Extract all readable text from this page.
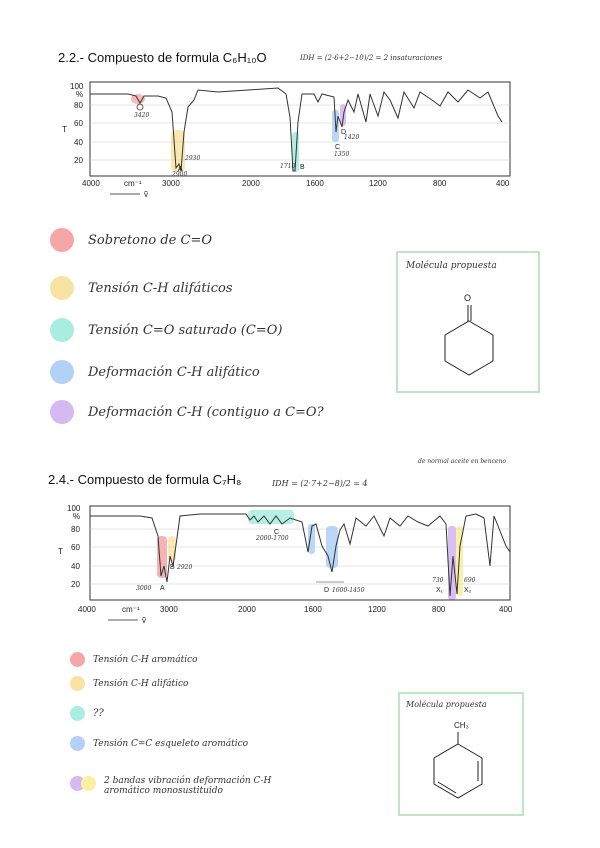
2.2.- Compuesto de formula C₆H₁₀O	IDH = (2·6+2−10)/2 = 2 insaturaciones
100
%
80
60
40
20
T
4000	3000	2000	1600	1200	800	400
cm⁻¹
ṽ
3420
A
2900
2930
B
1710
C
1350
D
1420
Sobretono de C=O
Tensión C-H alifáticos
Tensión C=O saturado (C=O)
Deformación C-H alifático
Deformación C-H (contiguo a C=O?
Molécula propuesta
O
2.4.- Compuesto de formula C₇H₈	IDH = (2·7+2−8)/2 = 4
de normal aceite en benceno
100
%
80
60
40
20
T
4000	3000	2000	1600	1200	800	400
cm⁻¹
ṽ
3000 A
B 2920
C
2000-1700
D 1600-1450
730
X₁
690
X₂
Tensión C-H aromático
Tensión C-H alifático
??
Tensión C=C esqueleto aromático
2 bandas vibración deformación C-H
aromático monosustituido
Molécula propuesta
CH₃
